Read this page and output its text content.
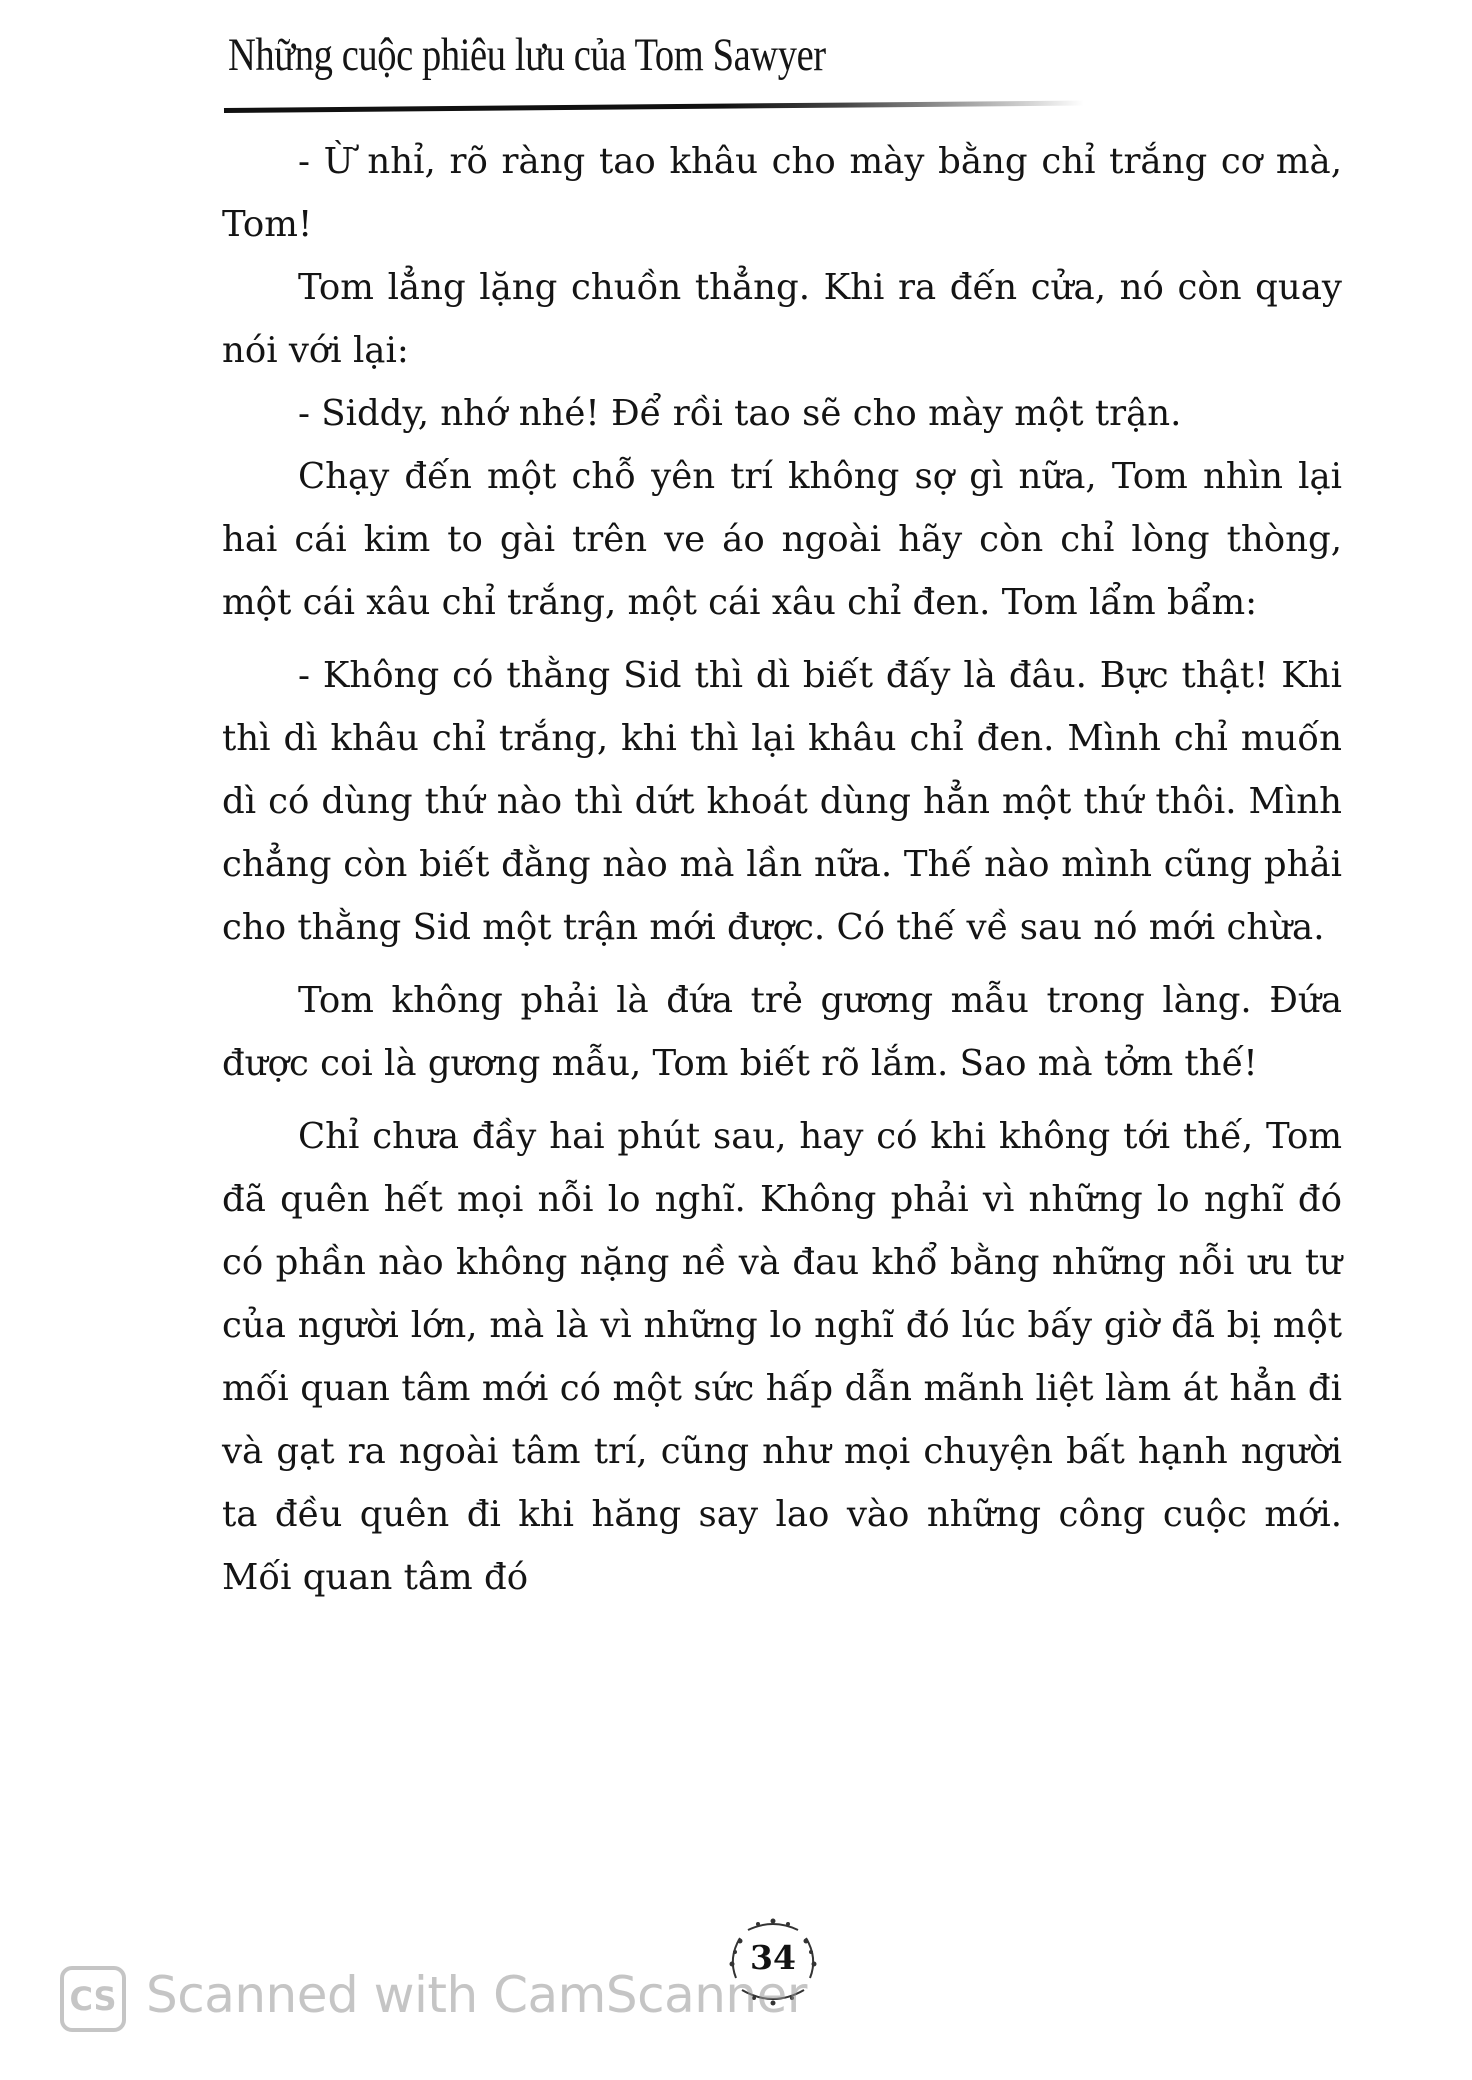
Những cuộc phiêu lưu của Tom Sawyer

- Ừ nhỉ, rõ ràng tao khâu cho mày bằng chỉ trắng cơ mà, Tom!

Tom lẳng lặng chuồn thẳng. Khi ra đến cửa, nó còn quay nói với lại:

- Siddy, nhớ nhé! Để rồi tao sẽ cho mày một trận.

Chạy đến một chỗ yên trí không sợ gì nữa, Tom nhìn lại hai cái kim to gài trên ve áo ngoài hãy còn chỉ lòng thòng, một cái xâu chỉ trắng, một cái xâu chỉ đen. Tom lẩm bẩm:

- Không có thằng Sid thì dì biết đấy là đâu. Bực thật! Khi thì dì khâu chỉ trắng, khi thì lại khâu chỉ đen. Mình chỉ muốn dì có dùng thứ nào thì dứt khoát dùng hẳn một thứ thôi. Mình chẳng còn biết đằng nào mà lần nữa. Thế nào mình cũng phải cho thằng Sid một trận mới được. Có thế về sau nó mới chừa.

Tom không phải là đứa trẻ gương mẫu trong làng. Đứa được coi là gương mẫu, Tom biết rõ lắm. Sao mà tởm thế!

Chỉ chưa đầy hai phút sau, hay có khi không tới thế, Tom đã quên hết mọi nỗi lo nghĩ. Không phải vì những lo nghĩ đó có phần nào không nặng nề và đau khổ bằng những nỗi ưu tư của người lớn, mà là vì những lo nghĩ đó lúc bấy giờ đã bị một mối quan tâm mới có một sức hấp dẫn mãnh liệt làm át hẳn đi và gạt ra ngoài tâm trí, cũng như mọi chuyện bất hạnh người ta đều quên đi khi hăng say lao vào những công cuộc mới. Mối quan tâm đó

34
CS Scanned with CamScanner
